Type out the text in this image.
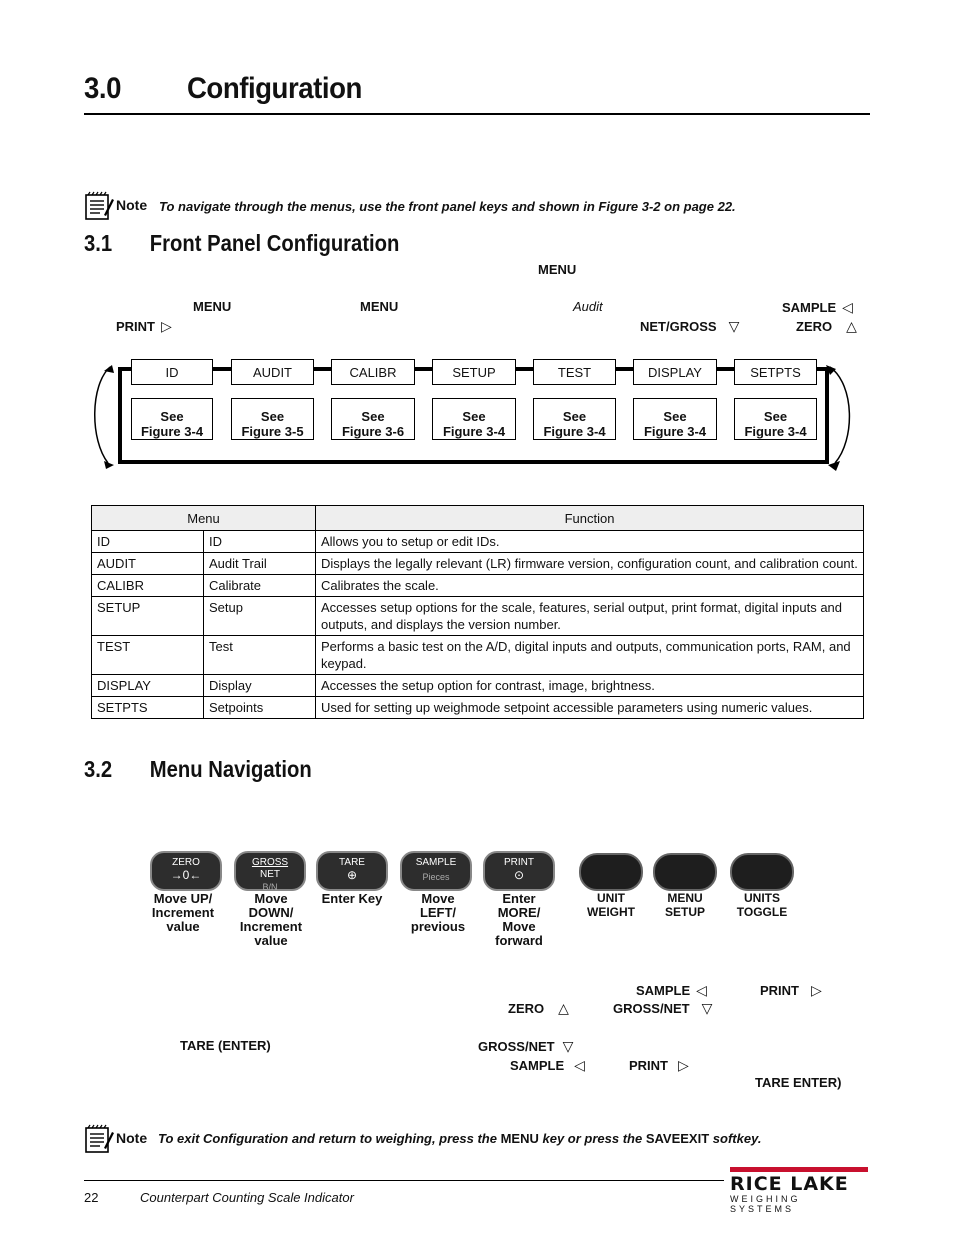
3.0 Configuration
Note To navigate through the menus, use the front panel keys and shown in Figure 3-2 on page 22.
3.1 Front Panel Configuration
MENU
MENU	MENU	Audit	SAMPLE ◁
PRINT ▷	NET/GROSS ▽	ZERO △
ID	AUDIT	CALIBR	SETUP	TEST	DISPLAY	SETPTS
See
Figure 3-4
See
Figure 3-5
See
Figure 3-6
See
Figure 3-4
See
Figure 3-4
See
Figure 3-4
See
Figure 3-4
Menu		Function
ID	ID	Allows you to setup or edit IDs.
AUDIT	Audit Trail	Displays the legally relevant (LR) firmware version, configuration count, and calibration count.
CALIBR	Calibrate	Calibrates the scale.
SETUP	Setup	Accesses setup options for the scale, features, serial output, print format, digital inputs and outputs, and displays the version number.
TEST	Test	Performs a basic test on the A/D, digital inputs and outputs, communication ports, RAM, and keypad.
DISPLAY	Display	Accesses the setup option for contrast, image, brightness.
SETPTS	Setpoints	Used for setting up weighmode setpoint accessible parameters using numeric values.
3.2 Menu Navigation
ZERO
→0←
GROSS
NET
B/N
TARE
⊕
SAMPLE
Pieces
PRINT
⊙
Move UP/
Increment
value
Move
DOWN/
Increment
value
Enter Key	Move
LEFT/
previous
Enter
MORE/
Move
forward
UNIT
WEIGHT
MENU
SETUP
UNITS
TOGGLE
SAMPLE ◁	PRINT ▷
ZERO △	GROSS/NET ▽
TARE (ENTER)	GROSS/NET ▽
SAMPLE ◁	PRINT ▷
TARE ENTER)
Note To exit Configuration and return to weighing, press the MENU key or press the SAVEEXIT softkey.
22	Counterpart Counting Scale Indicator
RICE LAKE
WEIGHING SYSTEMS
